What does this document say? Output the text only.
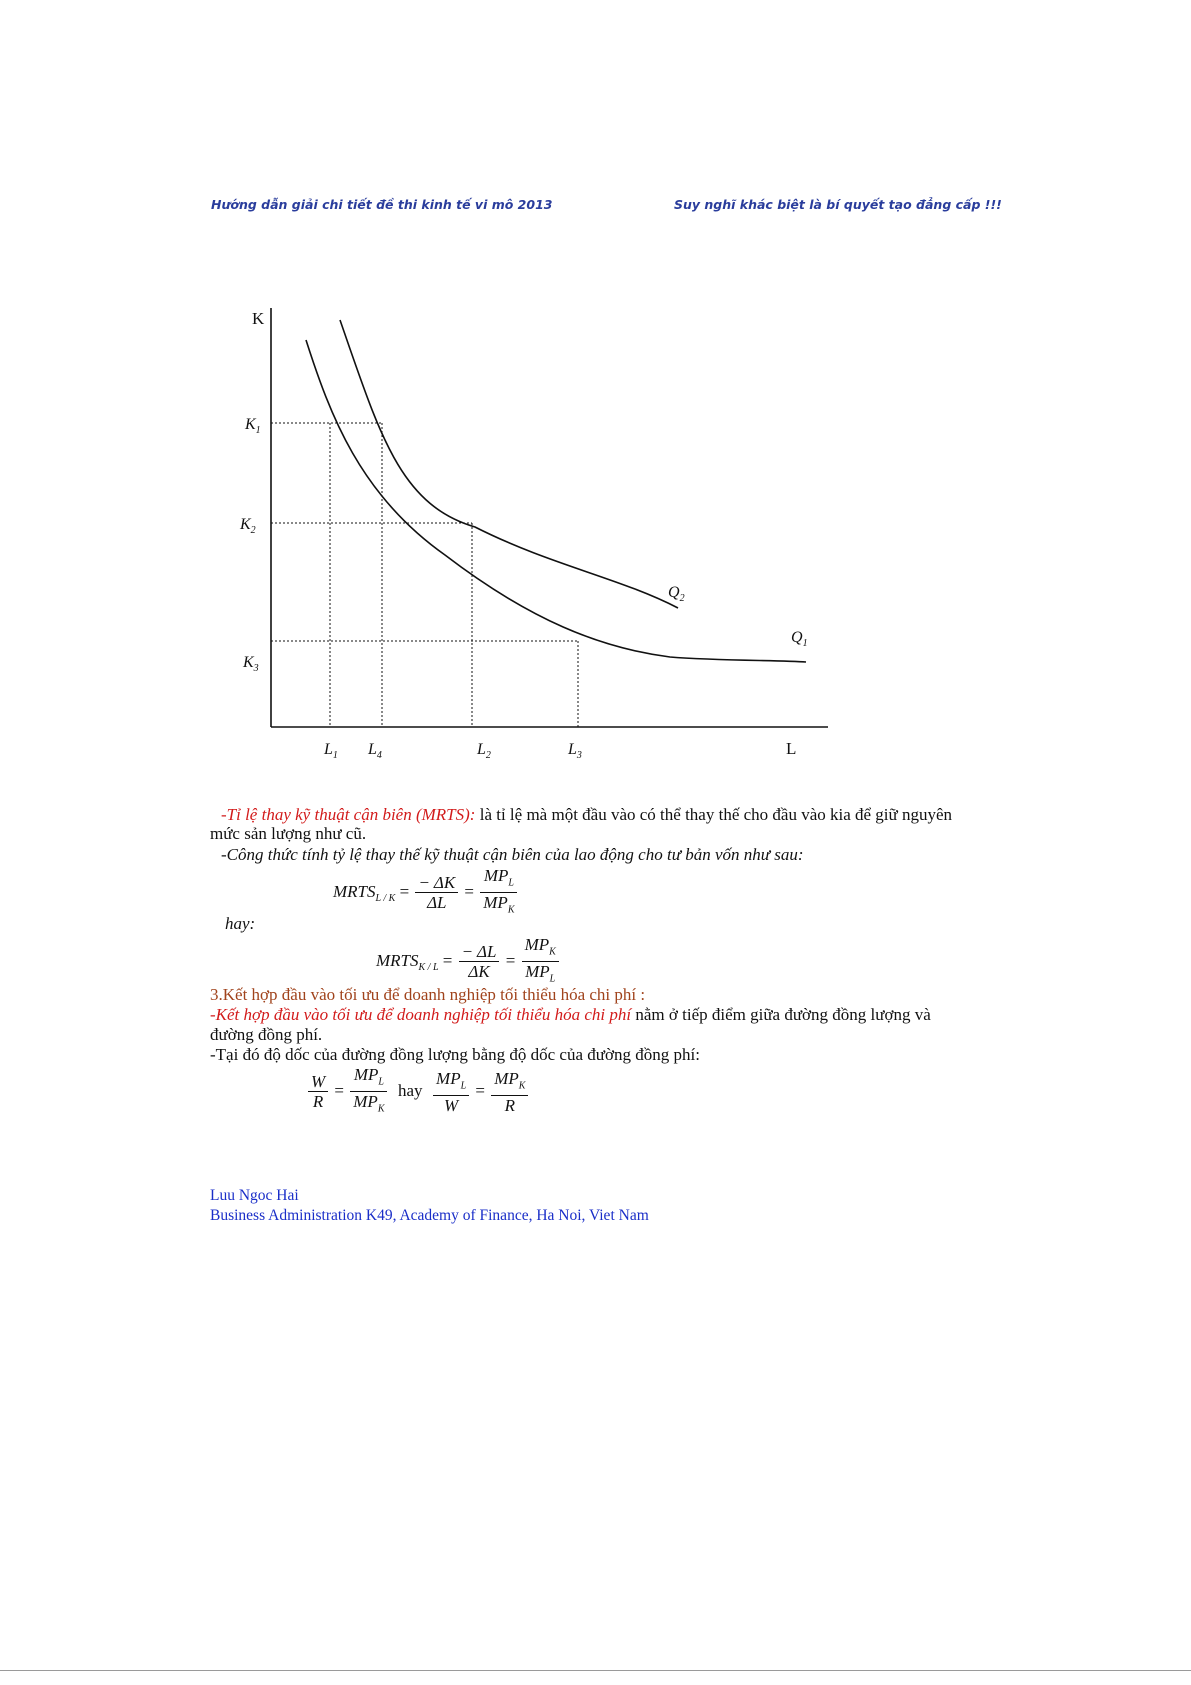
Hướng dẫn giải chi tiết đề thi kinh tế vi mô 2013	Suy nghĩ khác biệt là bí quyết tạo đẳng cấp !!!
K
L
$K_1$
$K_2$
$K_3$
$L_1$ $L_4$	$L_2$	$L_3$
$Q_2$
$Q_1$
-Tỉ lệ thay kỹ thuật cận biên (MRTS): là tỉ lệ mà một đầu vào có thể thay thế cho đầu vào kia để giữ nguyên
mức sản lượng như cũ.
-Công thức tính tỷ lệ thay thế kỹ thuật cận biên của lao động cho tư bản vốn như sau:
$MRTS_{L / K} = \frac{- \Delta K}{\Delta L} = \frac{MP_L}{MP_K}$
hay:
$MRTS_{K / L} = \frac{- \Delta L}{\Delta K} = \frac{MP_K}{MP_L}$
3.Kết hợp đầu vào tối ưu để doanh nghiệp tối thiểu hóa chi phí :
-Kết hợp đầu vào tối ưu để doanh nghiệp tối thiểu hóa chi phí nằm ở tiếp điểm giữa đường đồng lượng và
đường đồng phí.
-Tại đó độ dốc của đường đồng lượng bằng độ dốc của đường đồng phí:
$\frac{W}{R} = \frac{MP_L}{MP_K}$ hay $\frac{MP_L}{W} = \frac{MP_K}{R}$
Luu Ngoc Hai
Business Administration K49, Academy of Finance, Ha Noi, Viet Nam
